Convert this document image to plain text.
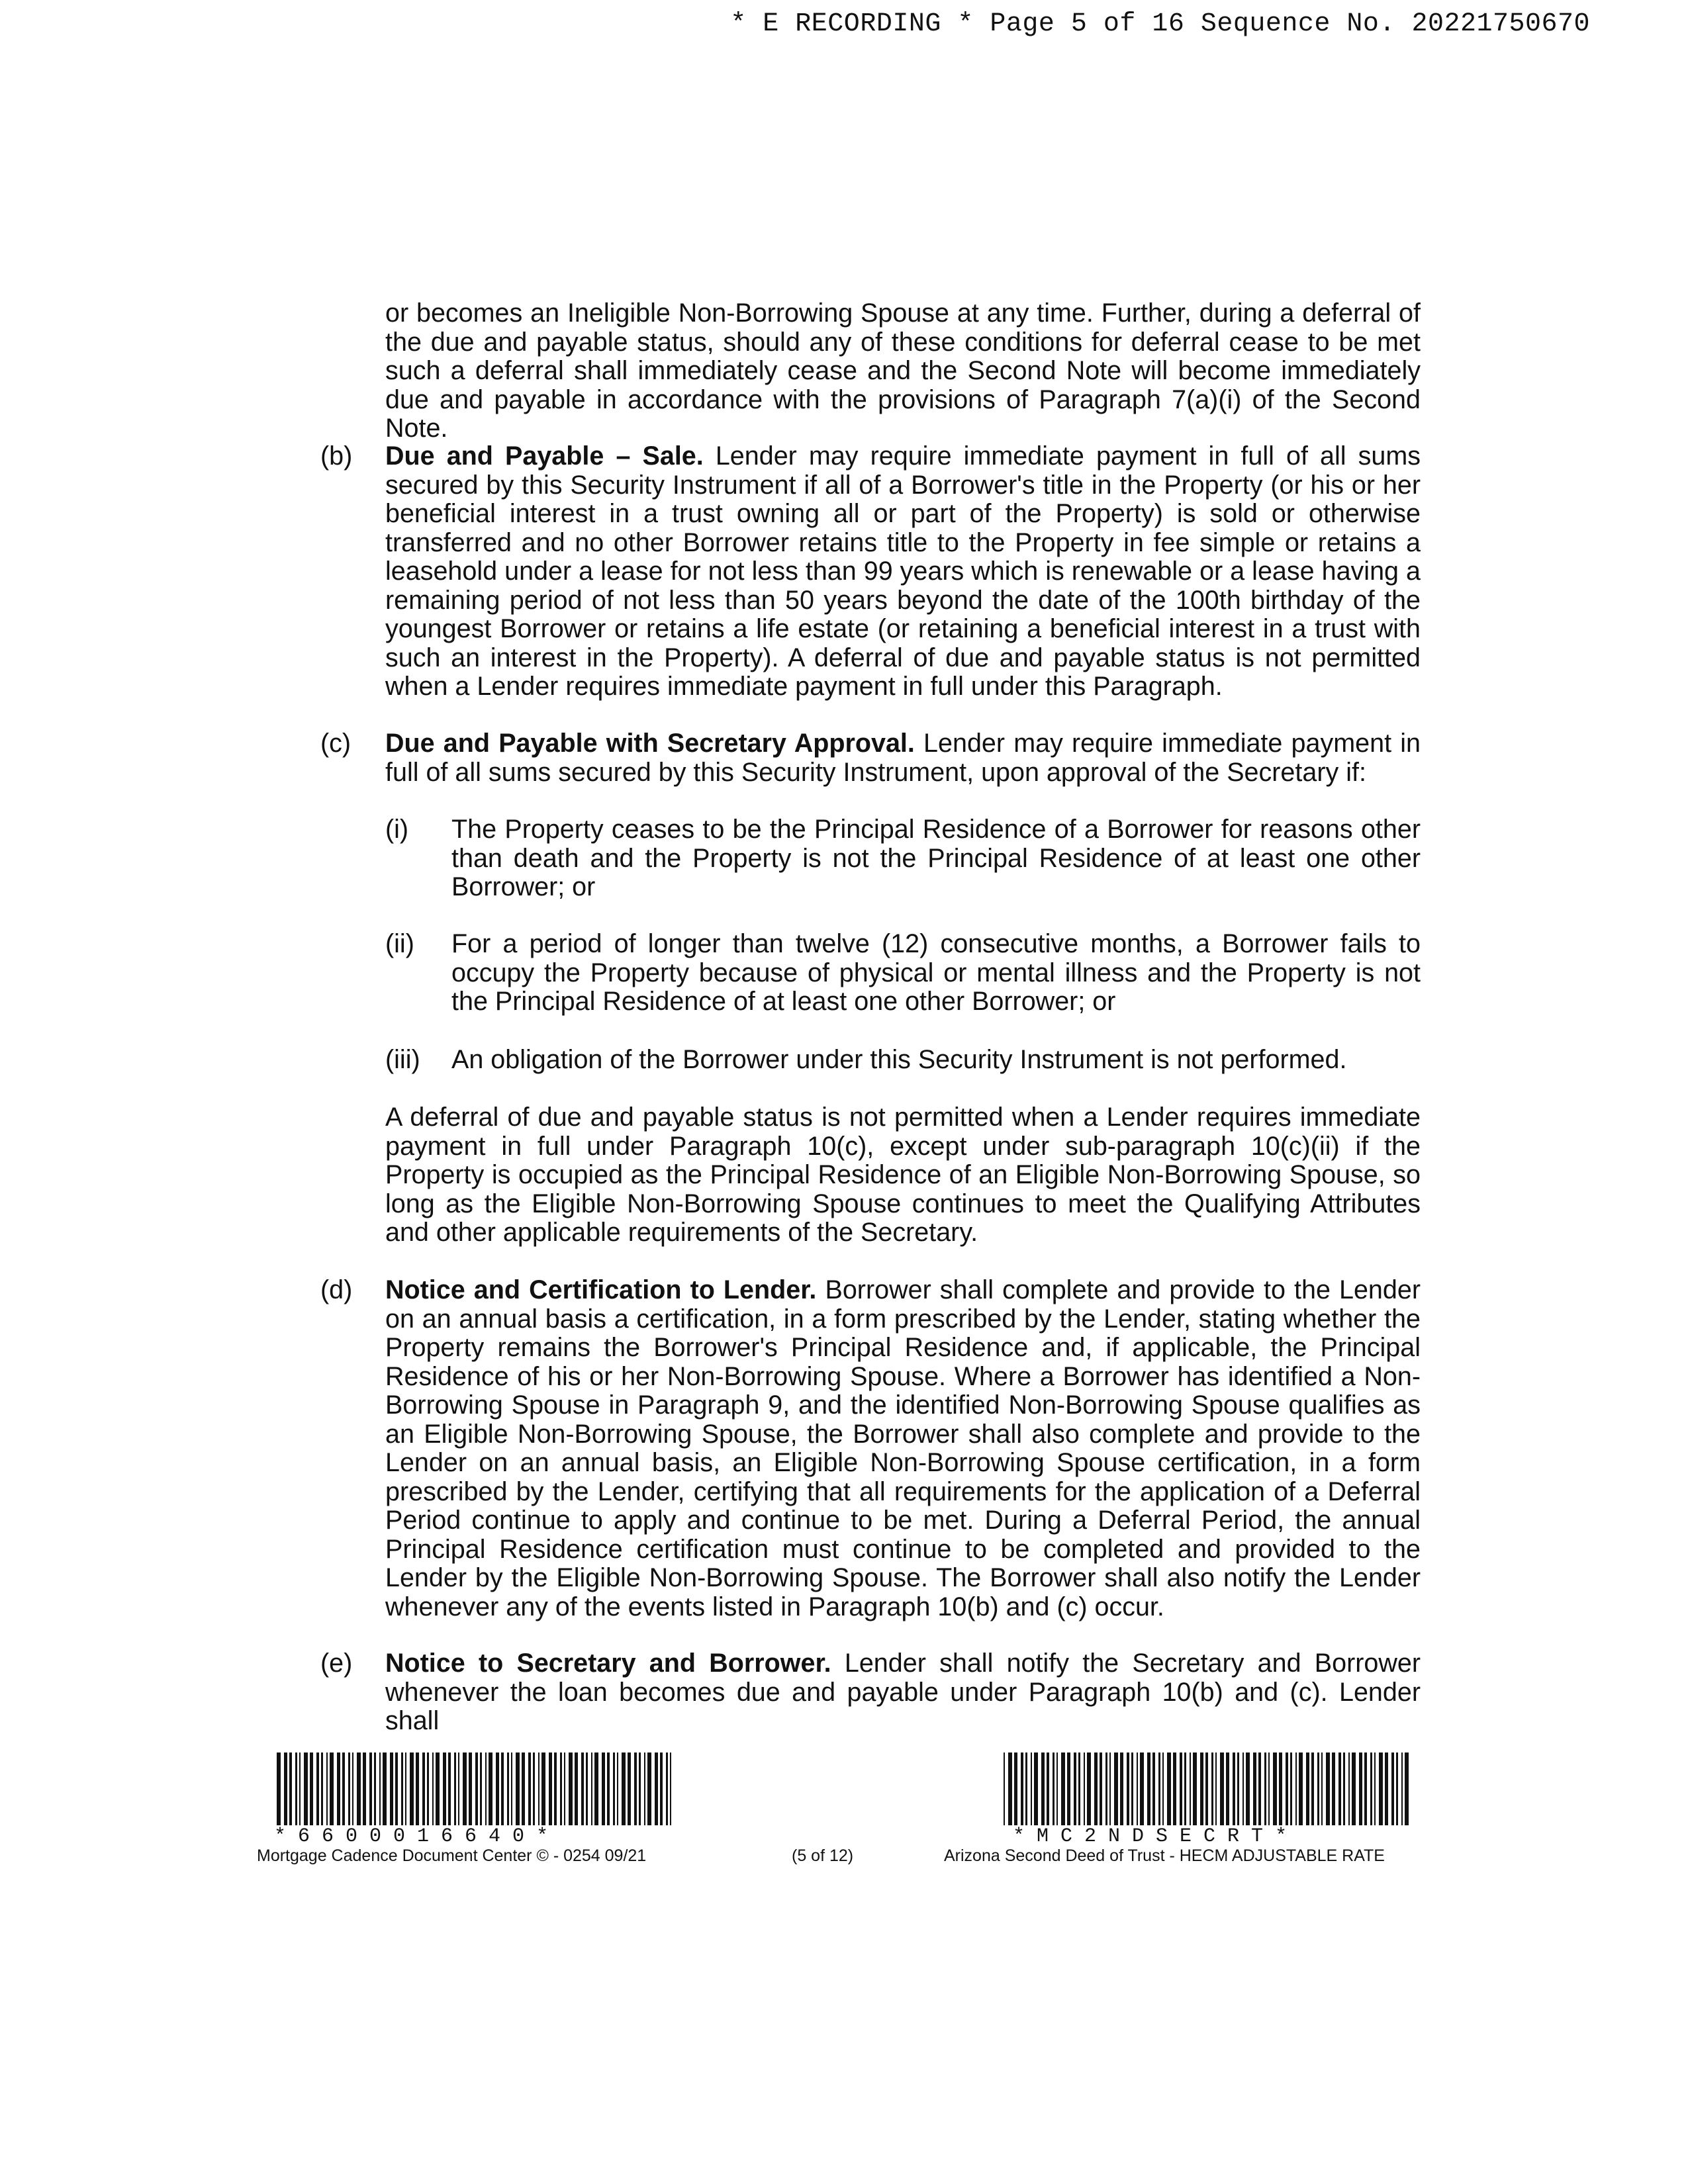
* E RECORDING * Page 5 of 16 Sequence No. 20221750670
or becomes an Ineligible Non-Borrowing Spouse at any time. Further, during a deferral of the due and payable status, should any of these conditions for deferral cease to be met such a deferral shall immediately cease and the Second Note will become immediately due and payable in accordance with the provisions of Paragraph 7(a)(i) of the Second Note.
(b) Due and Payable – Sale. Lender may require immediate payment in full of all sums secured by this Security Instrument if all of a Borrower's title in the Property (or his or her beneficial interest in a trust owning all or part of the Property) is sold or otherwise transferred and no other Borrower retains title to the Property in fee simple or retains a leasehold under a lease for not less than 99 years which is renewable or a lease having a remaining period of not less than 50 years beyond the date of the 100th birthday of the youngest Borrower or retains a life estate (or retaining a beneficial interest in a trust with such an interest in the Property). A deferral of due and payable status is not permitted when a Lender requires immediate payment in full under this Paragraph.
(c) Due and Payable with Secretary Approval. Lender may require immediate payment in full of all sums secured by this Security Instrument, upon approval of the Secretary if:
(i) The Property ceases to be the Principal Residence of a Borrower for reasons other than death and the Property is not the Principal Residence of at least one other Borrower; or
(ii) For a period of longer than twelve (12) consecutive months, a Borrower fails to occupy the Property because of physical or mental illness and the Property is not the Principal Residence of at least one other Borrower; or
(iii) An obligation of the Borrower under this Security Instrument is not performed.
A deferral of due and payable status is not permitted when a Lender requires immediate payment in full under Paragraph 10(c), except under sub-paragraph 10(c)(ii) if the Property is occupied as the Principal Residence of an Eligible Non-Borrowing Spouse, so long as the Eligible Non-Borrowing Spouse continues to meet the Qualifying Attributes and other applicable requirements of the Secretary.
(d) Notice and Certification to Lender. Borrower shall complete and provide to the Lender on an annual basis a certification, in a form prescribed by the Lender, stating whether the Property remains the Borrower's Principal Residence and, if applicable, the Principal Residence of his or her Non-Borrowing Spouse. Where a Borrower has identified a Non-Borrowing Spouse in Paragraph 9, and the identified Non-Borrowing Spouse qualifies as an Eligible Non-Borrowing Spouse, the Borrower shall also complete and provide to the Lender on an annual basis, an Eligible Non-Borrowing Spouse certification, in a form prescribed by the Lender, certifying that all requirements for the application of a Deferral Period continue to apply and continue to be met. During a Deferral Period, the annual Principal Residence certification must continue to be completed and provided to the Lender by the Eligible Non-Borrowing Spouse. The Borrower shall also notify the Lender whenever any of the events listed in Paragraph 10(b) and (c) occur.
(e) Notice to Secretary and Borrower. Lender shall notify the Secretary and Borrower whenever the loan becomes due and payable under Paragraph 10(b) and (c). Lender shall
* 6 6 0 0 0 1 6 6 4 0 *	* M C 2 N D S E C R T *
Mortgage Cadence Document Center © - 0254 09/21	(5 of 12)	Arizona Second Deed of Trust - HECM ADJUSTABLE RATE
